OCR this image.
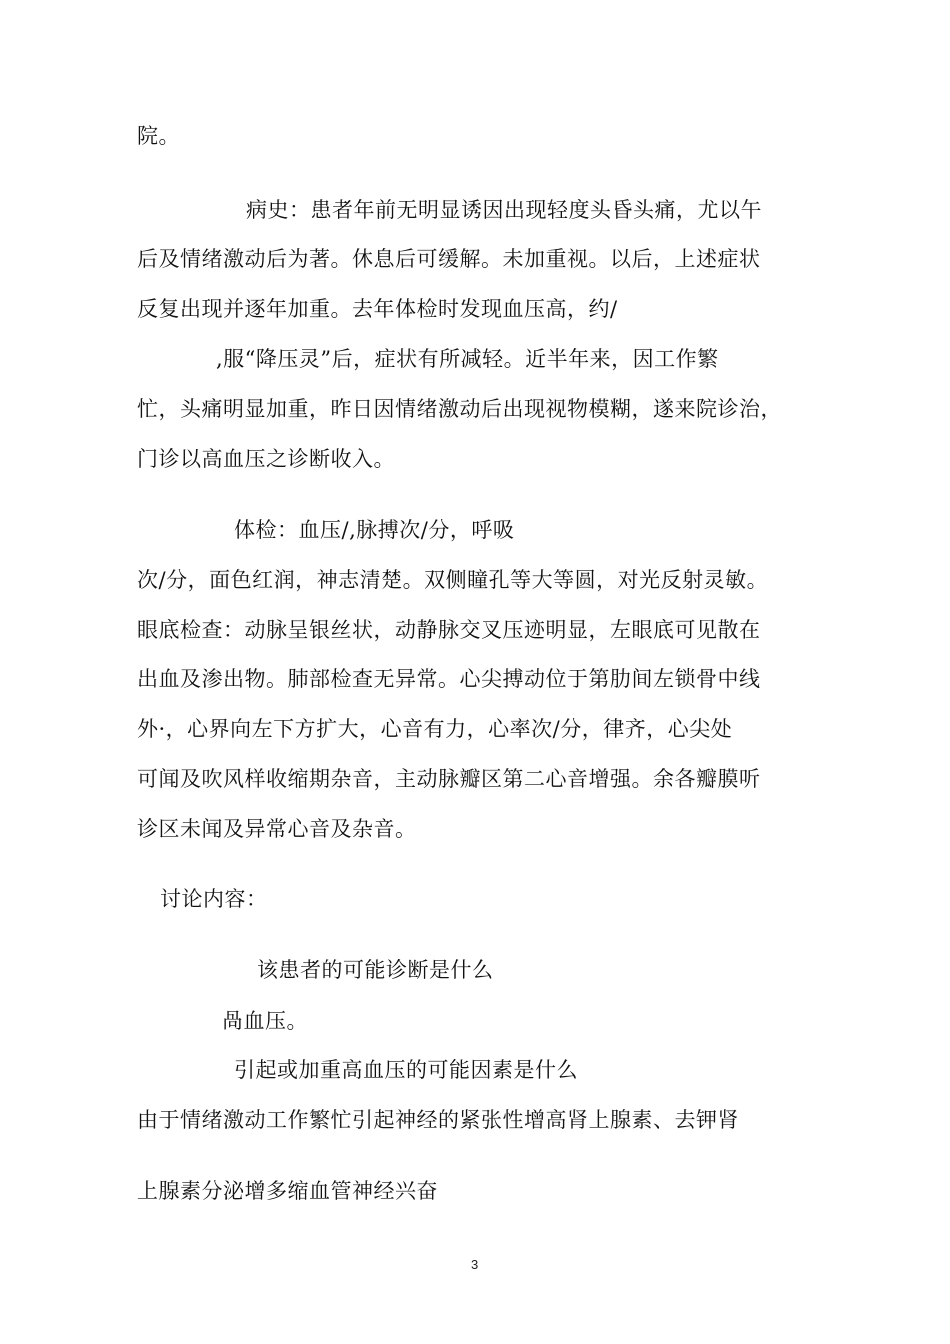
院。
病史：患者年前无明显诱因出现轻度头昏头痛，尤以午
后及情绪激动后为著。休息后可缓解。未加重视。以后，上述症状
反复出现并逐年加重。去年体检时发现血压高，约/
,服“降压灵”后，症状有所减轻。近半年来，因工作繁
忙，头痛明显加重，昨日因情绪激动后出现视物模糊，遂来院诊治，
门诊以高血压之诊断收入。
体检：血压/,脉搏次/分，呼吸
次/分，面色红润，神志清楚。双侧瞳孔等大等圆，对光反射灵敏。
眼底检查：动脉呈银丝状，动静脉交叉压迹明显，左眼底可见散在
出血及渗出物。肺部检查无异常。心尖搏动位于第肋间左锁骨中线
外·，心界向左下方扩大，心音有力，心率次/分，律齐，心尖处
可闻及吹风样收缩期杂音，主动脉瓣区第二心音增强。余各瓣膜听
诊区未闻及异常心音及杂音。
讨论内容：
该患者的可能诊断是什么
咼血压。
引起或加重高血压的可能因素是什么
由于情绪激动工作繁忙引起神经的紧张性增高肾上腺素、去钾肾
上腺素分泌增多缩血管神经兴奋
3
